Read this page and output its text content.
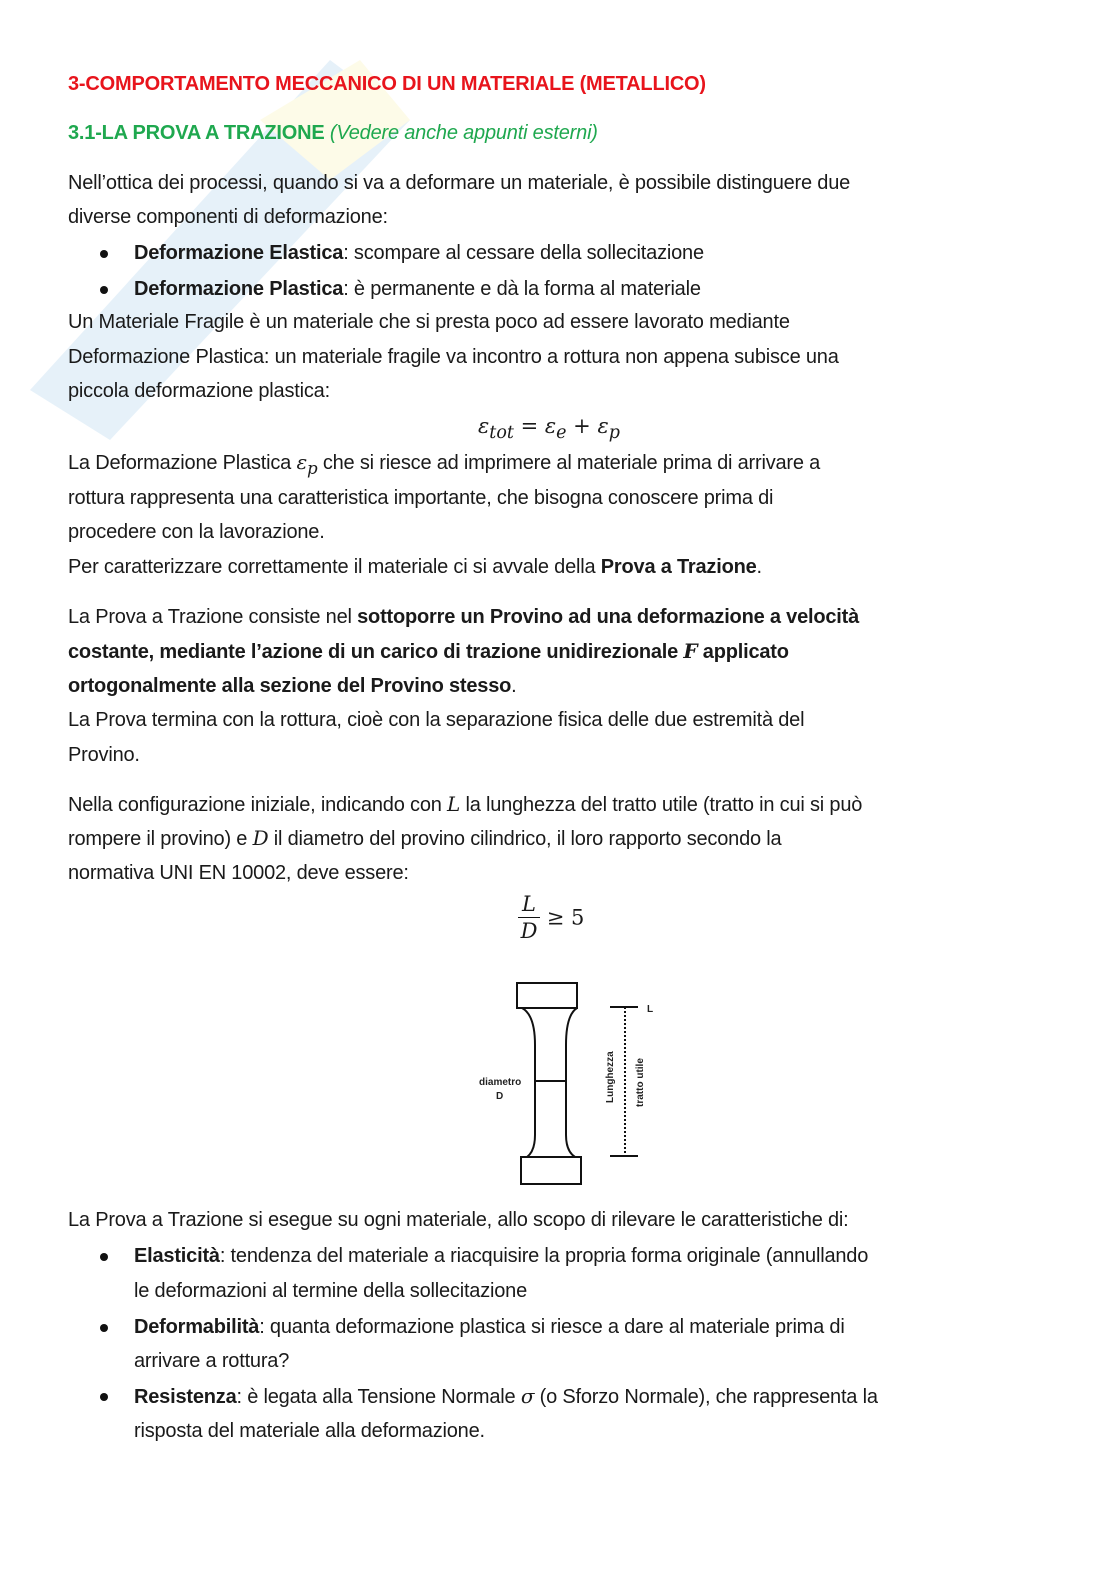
3-COMPORTAMENTO MECCANICO DI UN MATERIALE (METALLICO)
3.1-LA PROVA A TRAZIONE (Vedere anche appunti esterni)
Nell’ottica dei processi, quando si va a deformare un materiale, è possibile distinguere due
diverse componenti di deformazione:
Deformazione Elastica: scompare al cessare della sollecitazione
Deformazione Plastica: è permanente e dà la forma al materiale
Un Materiale Fragile è un materiale che si presta poco ad essere lavorato mediante
Deformazione Plastica: un materiale fragile va incontro a rottura non appena subisce una
piccola deformazione plastica:
$\varepsilon_{tot} = \varepsilon_e + \varepsilon_p$
La Deformazione Plastica $\varepsilon_p$ che si riesce ad imprimere al materiale prima di arrivare a
rottura rappresenta una caratteristica importante, che bisogna conoscere prima di
procedere con la lavorazione.
Per caratterizzare correttamente il materiale ci si avvale della Prova a Trazione.
La Prova a Trazione consiste nel sottoporre un Provino ad una deformazione a velocità
costante, mediante l’azione di un carico di trazione unidirezionale F applicato
ortogonalmente alla sezione del Provino stesso.
La Prova termina con la rottura, cioè con la separazione fisica delle due estremità del
Provino.
Nella configurazione iniziale, indicando con L la lunghezza del tratto utile (tratto in cui si può
rompere il provino) e D il diametro del provino cilindrico, il loro rapporto secondo la
normativa UNI EN 10002, deve essere:
$\frac{L}{D} \ge 5$
diametro
D	Lunghezza tratto utile
L
La Prova a Trazione si esegue su ogni materiale, allo scopo di rilevare le caratteristiche di:
Elasticità: tendenza del materiale a riacquisire la propria forma originale (annullando
le deformazioni al termine della sollecitazione
Deformabilità: quanta deformazione plastica si riesce a dare al materiale prima di
arrivare a rottura?
Resistenza: è legata alla Tensione Normale σ (o Sforzo Normale), che rappresenta la
risposta del materiale alla deformazione.
